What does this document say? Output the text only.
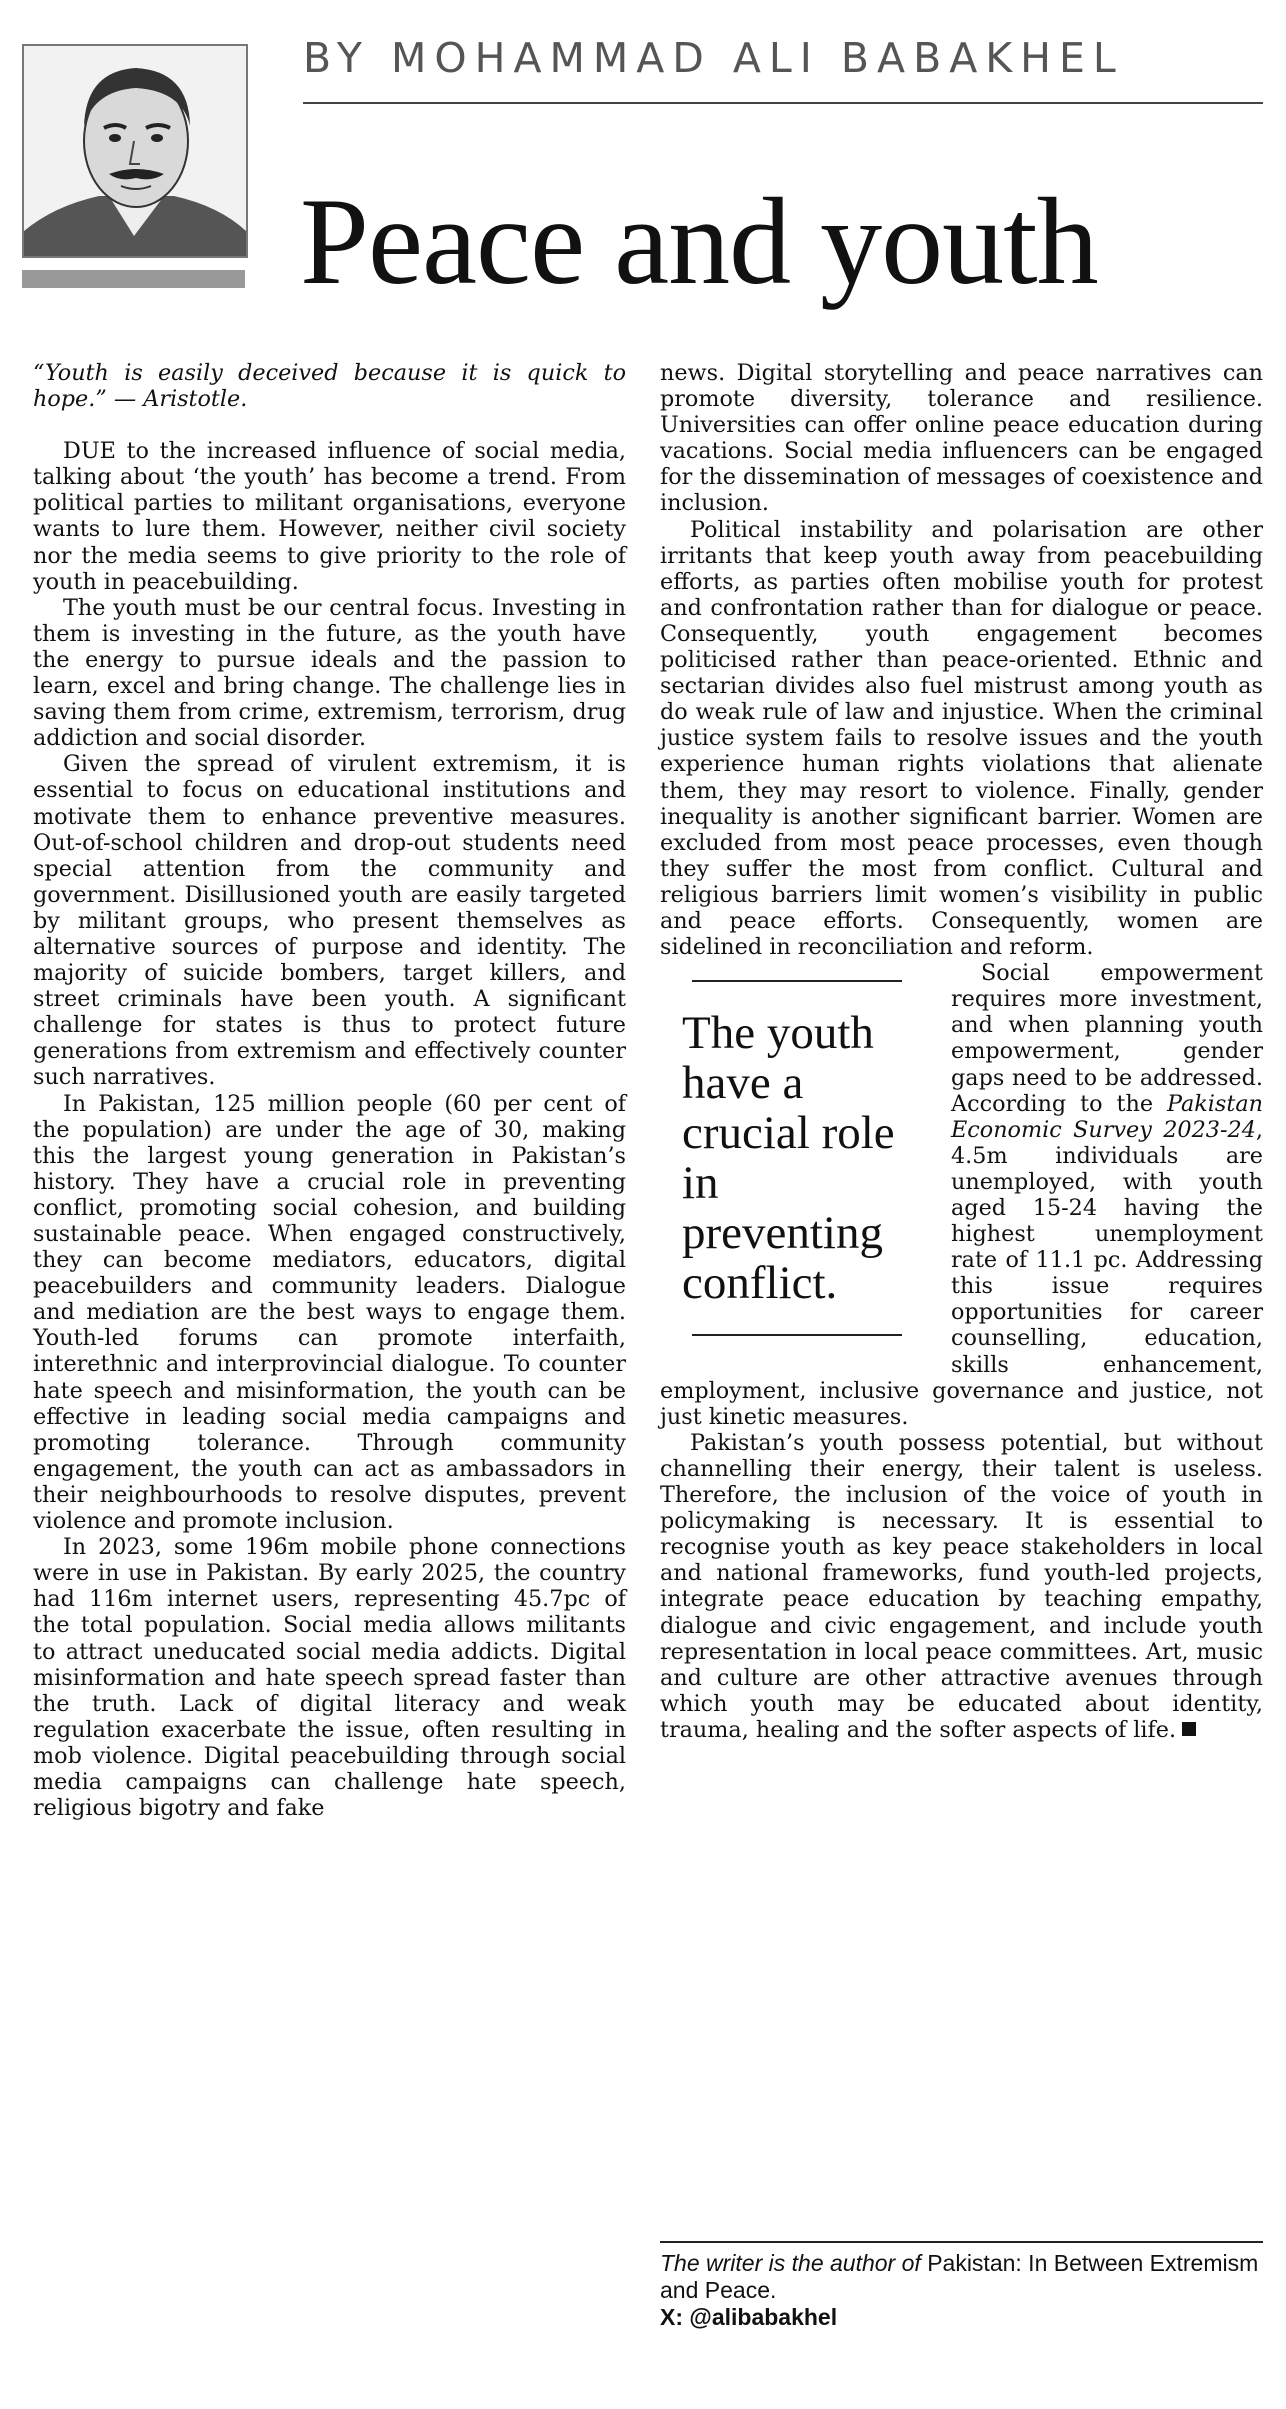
BY MOHAMMAD ALI BABAKHEL
Peace and youth

“Youth is easily deceived because it is quick to hope.” — Aristotle.

DUE to the increased influence of social media, talking about ‘the youth’ has become a trend. From political parties to militant organisations, everyone wants to lure them. However, neither civil society nor the media seems to give priority to the role of youth in peacebuilding.

The youth must be our central focus. Investing in them is investing in the future, as the youth have the energy to pursue ideals and the passion to learn, excel and bring change. The challenge lies in saving them from crime, extremism, terrorism, drug addiction and social disorder.

Given the spread of virulent extremism, it is essential to focus on educational institutions and motivate them to enhance preventive measures. Out-of-school children and drop-out students need special attention from the community and government. Disillusioned youth are easily targeted by militant groups, who present themselves as alternative sources of purpose and identity. The majority of suicide bombers, target killers, and street criminals have been youth. A significant challenge for states is thus to protect future generations from extremism and effectively counter such narratives.

In Pakistan, 125 million people (60 per cent of the population) are under the age of 30, making this the largest young generation in Pakistan’s history. They have a crucial role in preventing conflict, promoting social cohesion, and building sustainable peace. When engaged constructively, they can become mediators, educators, digital peacebuilders and community leaders. Dialogue and mediation are the best ways to engage them. Youth-led forums can promote interfaith, interethnic and interprovincial dialogue. To counter hate speech and misinformation, the youth can be effective in leading social media campaigns and promoting tolerance. Through community engagement, the youth can act as ambassadors in their neighbourhoods to resolve disputes, prevent violence and promote inclusion.

In 2023, some 196m mobile phone connections were in use in Pakistan. By early 2025, the country had 116m internet users, representing 45.7pc of the total population. Social media allows militants to attract uneducated social media addicts. Digital misinformation and hate speech spread faster than the truth. Lack of digital literacy and weak regulation exacerbate the issue, often resulting in mob violence. Digital peacebuilding through social media campaigns can challenge hate speech, religious bigotry and fake

news. Digital storytelling and peace narratives can promote diversity, tolerance and resilience. Universities can offer online peace education during vacations. Social media influencers can be engaged for the dissemination of messages of coexistence and inclusion.

Political instability and polarisation are other irritants that keep youth away from peacebuilding efforts, as parties often mobilise youth for protest and confrontation rather than for dialogue or peace. Consequently, youth engagement becomes politicised rather than peace-oriented. Ethnic and sectarian divides also fuel mistrust among youth as do weak rule of law and injustice. When the criminal justice system fails to resolve issues and the youth experience human rights violations that alienate them, they may resort to violence. Finally, gender inequality is another significant barrier. Women are excluded from most peace processes, even though they suffer the most from conflict. Cultural and religious barriers limit women’s visibility in public and peace efforts. Consequently, women are sidelined in reconciliation and reform.

The youth have a crucial role in preventing conflict.

Social empowerment requires more investment, and when planning youth empowerment, gender gaps need to be addressed. According to the Pakistan Economic Survey 2023-24, 4.5m individuals are unemployed, with youth aged 15-24 having the highest unemployment rate of 11.1 pc. Addressing this issue requires opportunities for career counselling, education, skills enhancement, employment, inclusive governance and justice, not just kinetic measures.

Pakistan’s youth possess potential, but without channelling their energy, their talent is useless. Therefore, the inclusion of the voice of youth in policymaking is necessary. It is essential to recognise youth as key peace stakeholders in local and national frameworks, fund youth-led projects, integrate peace education by teaching empathy, dialogue and civic engagement, and include youth representation in local peace committees. Art, music and culture are other attractive avenues through which youth may be educated about identity, trauma, healing and the softer aspects of life.

The writer is the author of Pakistan: In Between Extremism and Peace.
X: @alibabakhel
